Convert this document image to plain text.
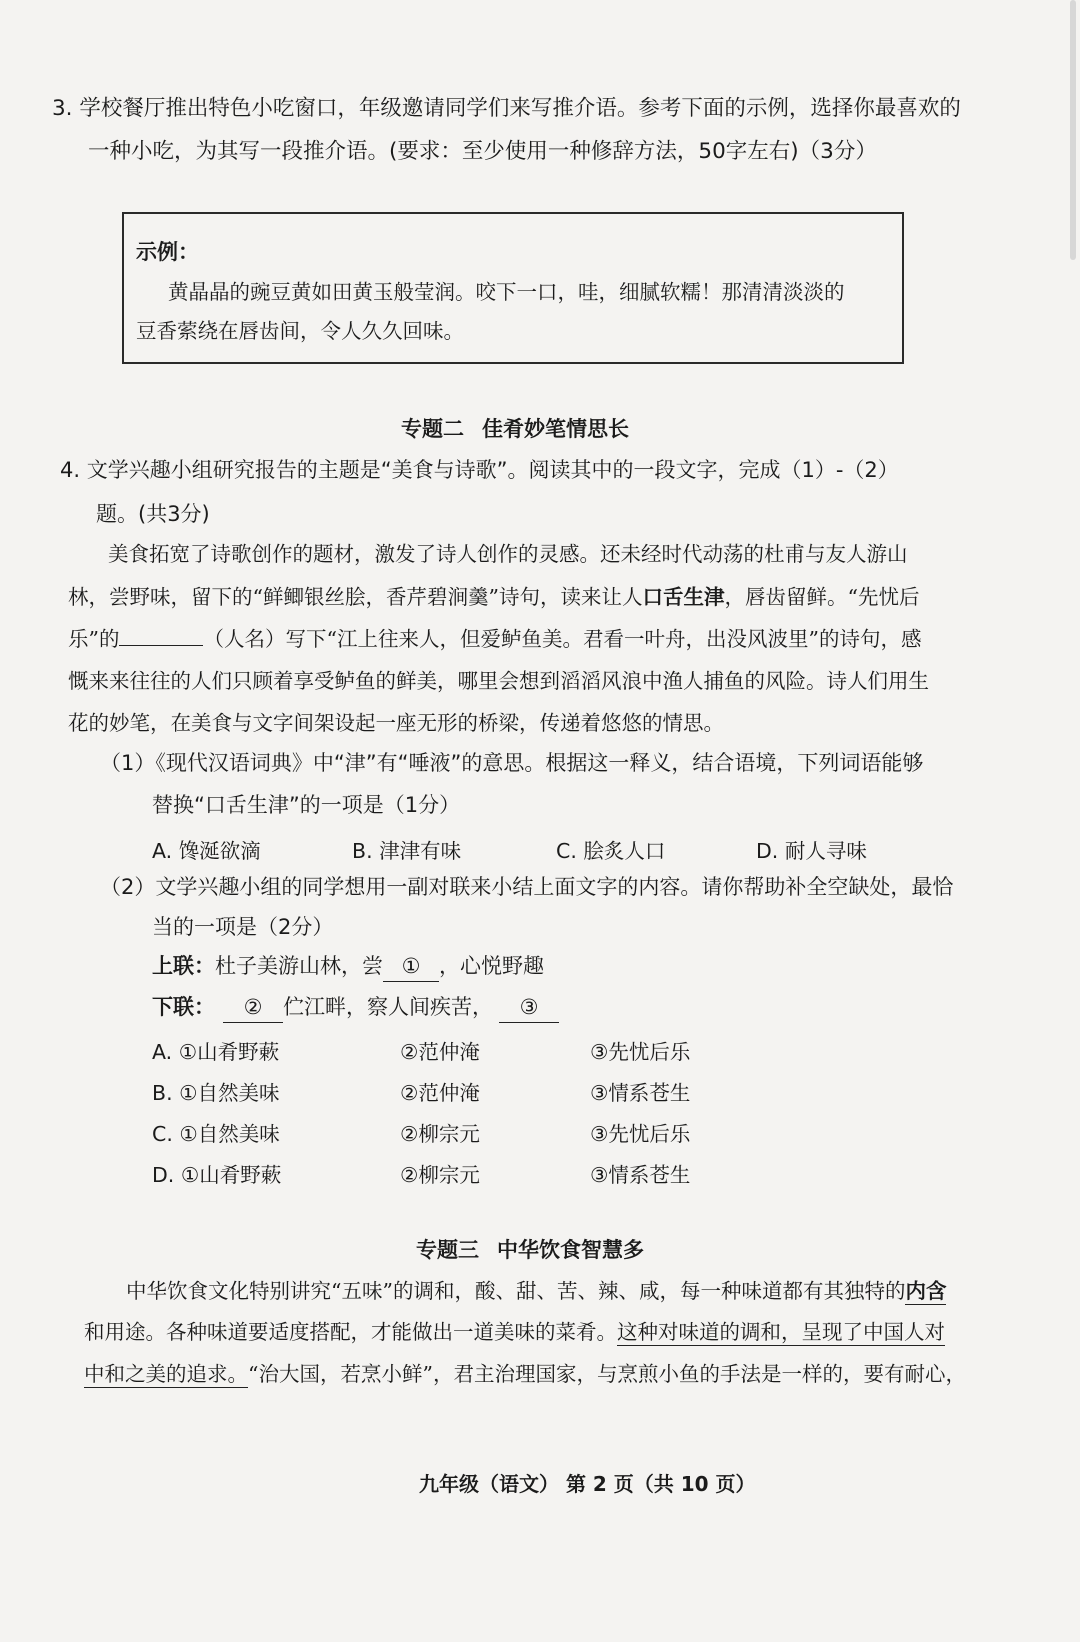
3. 学校餐厅推出特色小吃窗口，年级邀请同学们来写推介语。参考下面的示例，选择你最喜欢的
一种小吃，为其写一段推介语。(要求：至少使用一种修辞方法，50字左右)（3分）
示例：
黄晶晶的豌豆黄如田黄玉般莹润。咬下一口，哇，细腻软糯！那清清淡淡的
豆香萦绕在唇齿间，令人久久回味。
专题二 佳肴妙笔情思长
4. 文学兴趣小组研究报告的主题是“美食与诗歌”。阅读其中的一段文字，完成（1）-（2）
题。(共3分)
美食拓宽了诗歌创作的题材，激发了诗人创作的灵感。还未经时代动荡的杜甫与友人游山
林，尝野味，留下的“鲜鲫银丝脍，香芹碧涧羹”诗句，读来让人口舌生津，唇齿留鲜。“先忧后
乐”的	（人名）写下“江上往来人，但爱鲈鱼美。君看一叶舟，出没风波里”的诗句，感
慨来来往往的人们只顾着享受鲈鱼的鲜美，哪里会想到滔滔风浪中渔人捕鱼的风险。诗人们用生
花的妙笔，在美食与文字间架设起一座无形的桥梁，传递着悠悠的情思。
（1）《现代汉语词典》中“津”有“唾液”的意思。根据这一释义，结合语境，下列词语能够
替换“口舌生津”的一项是（1分）
A. 馋涎欲滴	B. 津津有味	C. 脍炙人口	D. 耐人寻味
（2）文学兴趣小组的同学想用一副对联来小结上面文字的内容。请你帮助补全空缺处，最恰
当的一项是（2分）
上联：杜子美游山林，尝 ① ，心悦野趣
下联： ② 伫江畔，察人间疾苦， ③
A. ①山肴野蔌	②范仲淹	③先忧后乐
B. ①自然美味	②范仲淹	③情系苍生
C. ①自然美味	②柳宗元	③先忧后乐
D. ①山肴野蔌	②柳宗元	③情系苍生
专题三 中华饮食智慧多
中华饮食文化特别讲究“五味”的调和，酸、甜、苦、辣、咸，每一种味道都有其独特的内含
和用途。各种味道要适度搭配，才能做出一道美味的菜肴。这种对味道的调和，呈现了中国人对
中和之美的追求。“治大国，若烹小鲜”，君主治理国家，与烹煎小鱼的手法是一样的，要有耐心，
九年级（语文） 第 2 页（共 10 页）
